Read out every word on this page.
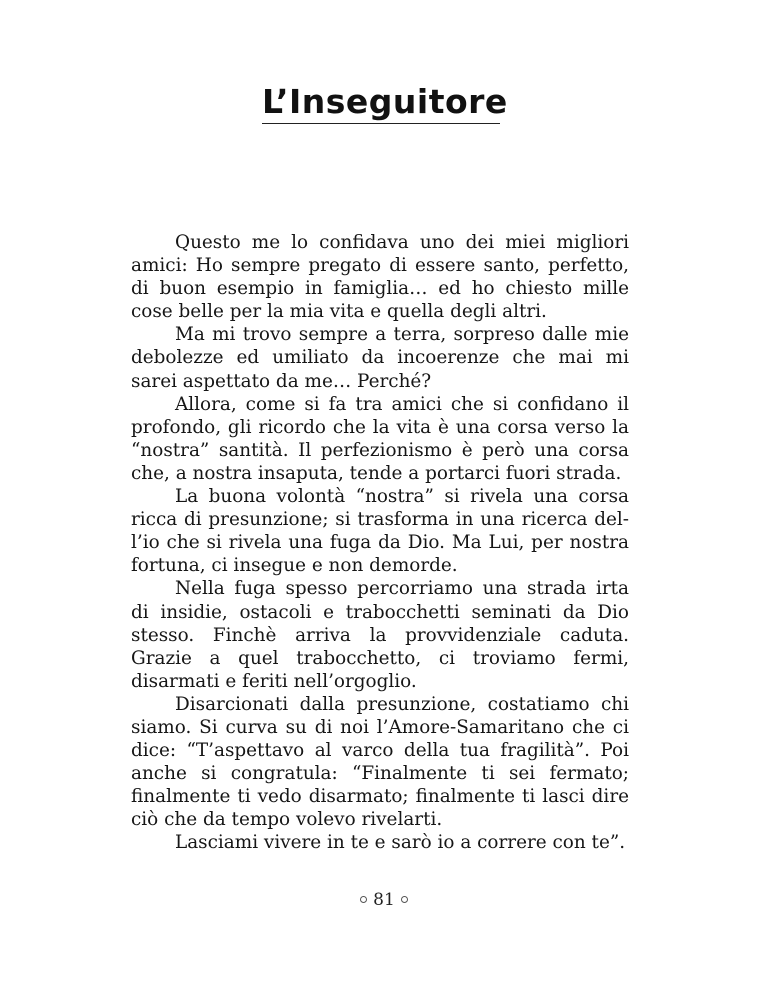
L’Inseguitore

Questo me lo confidava uno dei miei migliori amici: Ho sempre pregato di essere santo, perfetto, di buon esempio in famiglia… ed ho chiesto mille cose belle per la mia vita e quella degli altri.

Ma mi trovo sempre a terra, sorpreso dalle mie debolezze ed umiliato da incoerenze che mai mi sarei aspettato da me… Perché?

Allora, come si fa tra amici che si confidano il profondo, gli ricordo che la vita è una corsa verso la “nostra” santità. Il perfezionismo è però una corsa che, a nostra insaputa, tende a portarci fuori strada.

La buona volontà “nostra” si rivela una corsa ricca di presunzione; si trasforma in una ricerca dell’io che si rivela una fuga da Dio. Ma Lui, per nostra fortuna, ci insegue e non demorde.

Nella fuga spesso percorriamo una strada irta di insidie, ostacoli e trabocchetti seminati da Dio stesso. Finchè arriva la provvidenziale caduta. Grazie a quel trabocchetto, ci troviamo fermi, disarmati e feriti nell’orgoglio.

Disarcionati dalla presunzione, costatiamo chi siamo. Si curva su di noi l’Amore-Samaritano che ci dice: “T’aspettavo al varco della tua fragilità”. Poi anche si congratula: “Finalmente ti sei fermato; finalmente ti vedo disarmato; finalmente ti lasci dire ciò che da tempo volevo rivelarti.

Lasciami vivere in te e sarò io a correre con te”.

81
